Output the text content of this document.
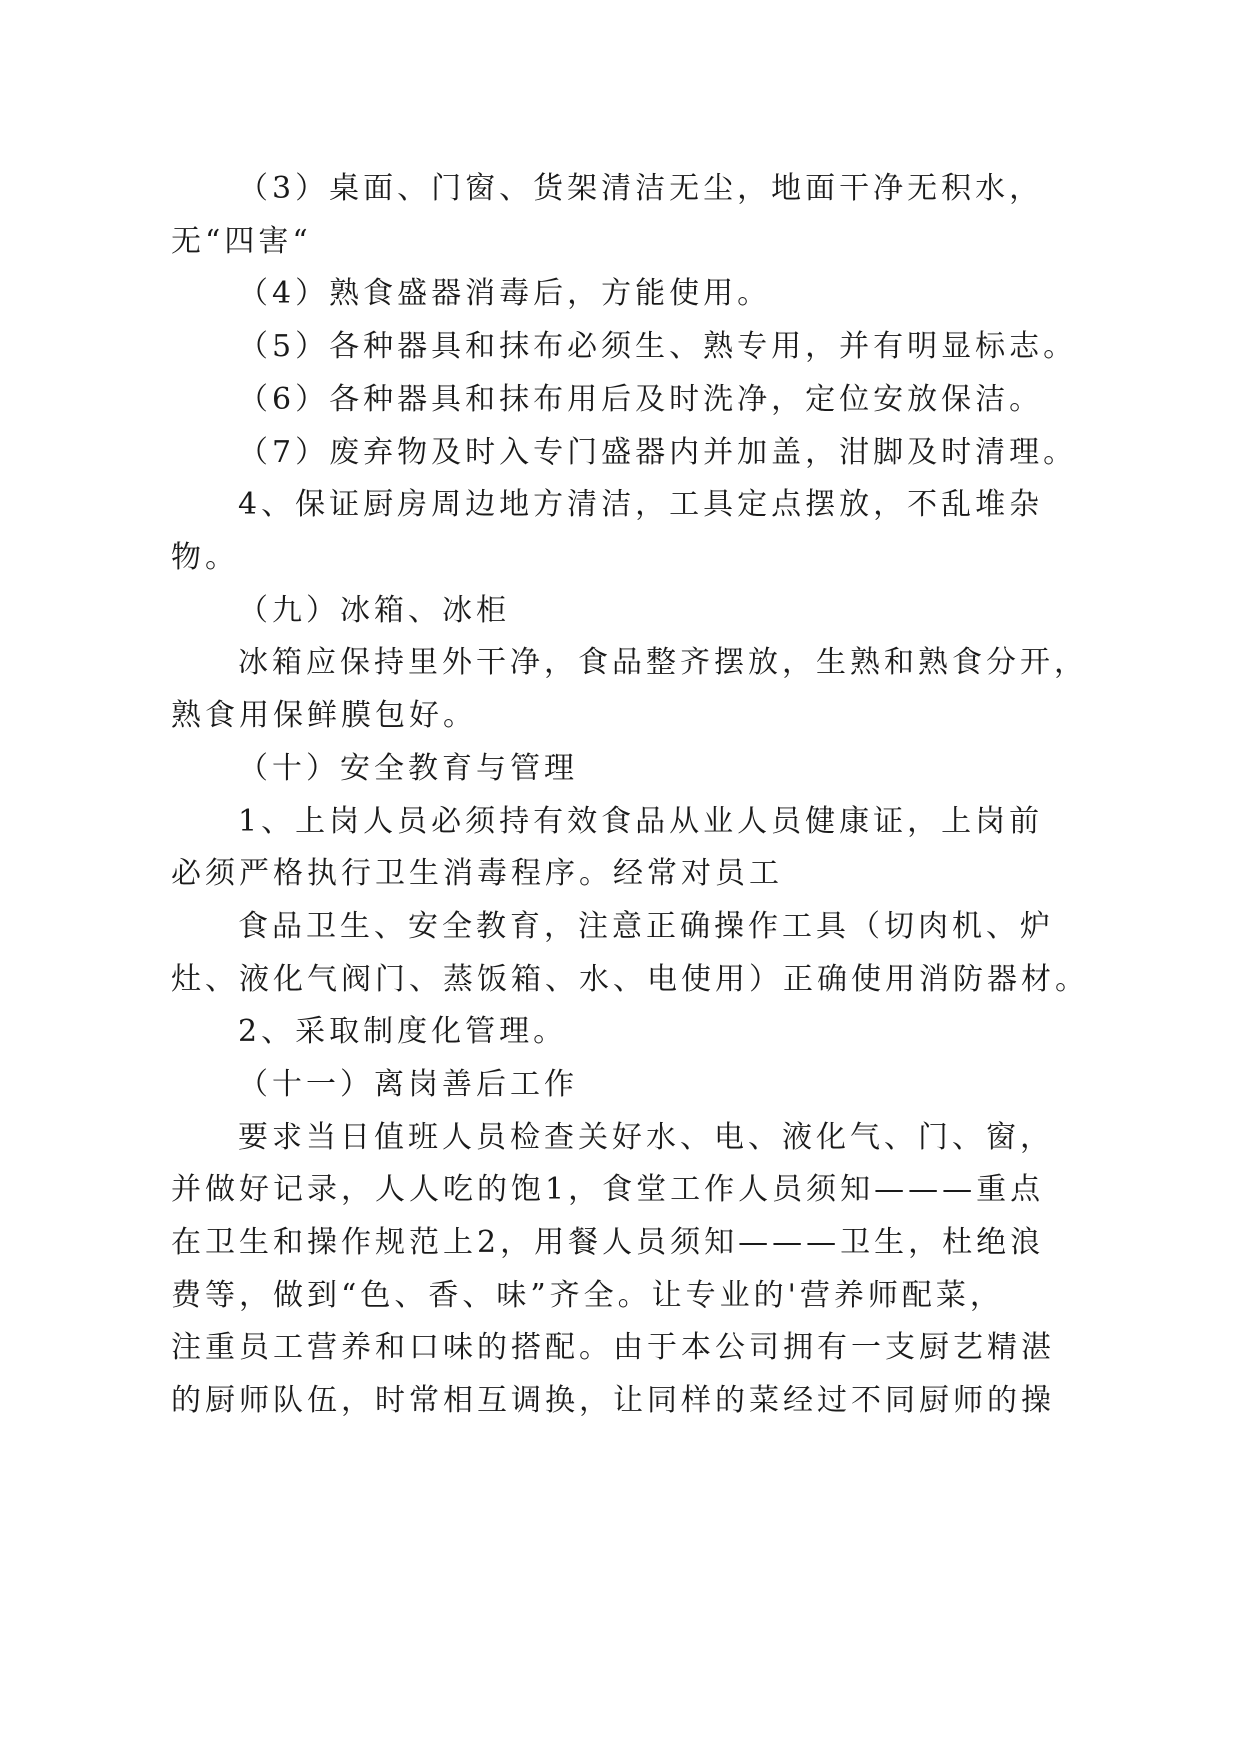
（3）桌面、门窗、货架清洁无尘，地面干净无积水，
无“四害“
（4）熟食盛器消毒后，方能使用。
（5）各种器具和抹布必须生、熟专用，并有明显标志。
（6）各种器具和抹布用后及时洗净，定位安放保洁。
（7）废弃物及时入专门盛器内并加盖，泔脚及时清理。
4、保证厨房周边地方清洁，工具定点摆放，不乱堆杂
物。
（九）冰箱、冰柜
冰箱应保持里外干净，食品整齐摆放，生熟和熟食分开，
熟食用保鲜膜包好。
（十）安全教育与管理
1、上岗人员必须持有效食品从业人员健康证，上岗前
必须严格执行卫生消毒程序。经常对员工
食品卫生、安全教育，注意正确操作工具（切肉机、炉
灶、液化气阀门、蒸饭箱、水、电使用）正确使用消防器材。
2、采取制度化管理。
（十一）离岗善后工作
要求当日值班人员检查关好水、电、液化气、门、窗，
并做好记录，人人吃的饱1，食堂工作人员须知———重点
在卫生和操作规范上2，用餐人员须知———卫生，杜绝浪
费等，做到“色、香、味”齐全。让专业的'营养师配菜，
注重员工营养和口味的搭配。由于本公司拥有一支厨艺精湛
的厨师队伍，时常相互调换，让同样的菜经过不同厨师的操
